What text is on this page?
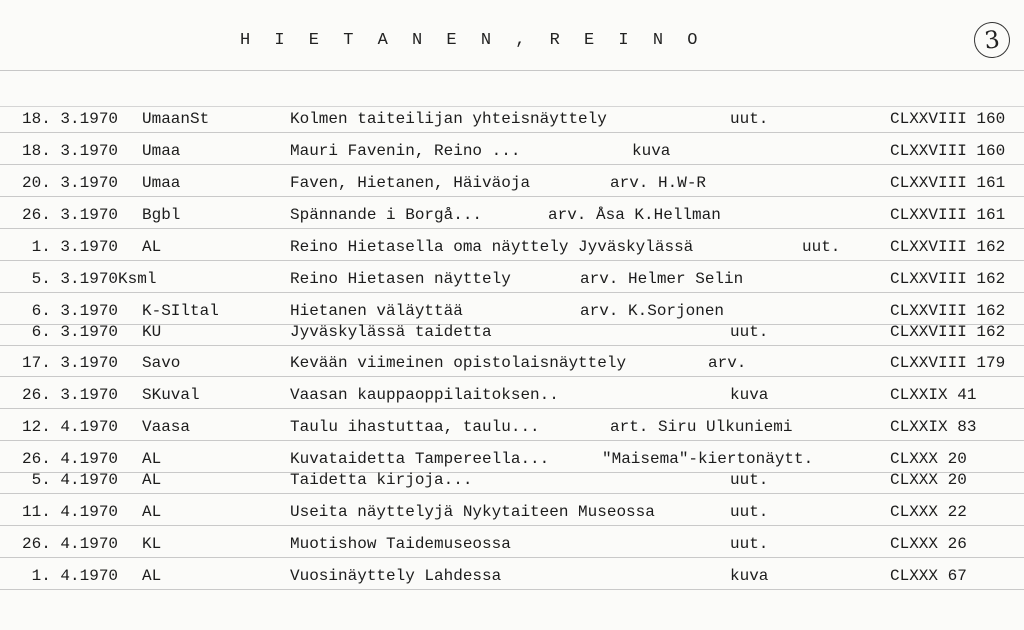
H I E T A N E N , R E I N O	3
18. 3.1970 UmaanSt	Kolmen taiteilijan yhteisnäyttely	uut.	CLXXVIII 160
18. 3.1970 Umaa	Mauri Favenin, Reino ...	kuva	CLXXVIII 160
20. 3.1970 Umaa	Faven, Hietanen, Häiväoja	arv. H.W-R	CLXXVIII 161
26. 3.1970 Bgbl	Spännande i Borgå...	arv. Åsa K.Hellman	CLXXVIII 161
1. 3.1970 AL	Reino Hietasella oma näyttely Jyväskylässä	uut.	CLXXVIII 162
5. 3.1970Ksml	Reino Hietasen näyttely	arv. Helmer Selin	CLXXVIII 162
6. 3.1970 K-SIltal	Hietanen väläyttää	arv. K.Sorjonen	CLXXVIII 162
6. 3.1970 KU	Jyväskylässä taidetta	uut.	CLXXVIII 162
17. 3.1970 Savo	Kevään viimeinen opistolaisnäyttely	arv.	CLXXVIII 179
26. 3.1970 SKuval	Vaasan kauppaoppilaitoksen..	kuva	CLXXIX 41
12. 4.1970 Vaasa	Taulu ihastuttaa, taulu...	art. Siru Ulkuniemi	CLXXIX 83
26. 4.1970 AL	Kuvataidetta Tampereella...	"Maisema"-kiertonäytt.	CLXXX 20
5. 4.1970 AL	Taidetta kirjoja...	uut.	CLXXX 20
11. 4.1970 AL	Useita näyttelyjä Nykytaiteen Museossa	uut.	CLXXX 22
26. 4.1970 KL	Muotishow Taidemuseossa	uut.	CLXXX 26
1. 4.1970 AL	Vuosinäyttely Lahdessa	kuva	CLXXX 67
